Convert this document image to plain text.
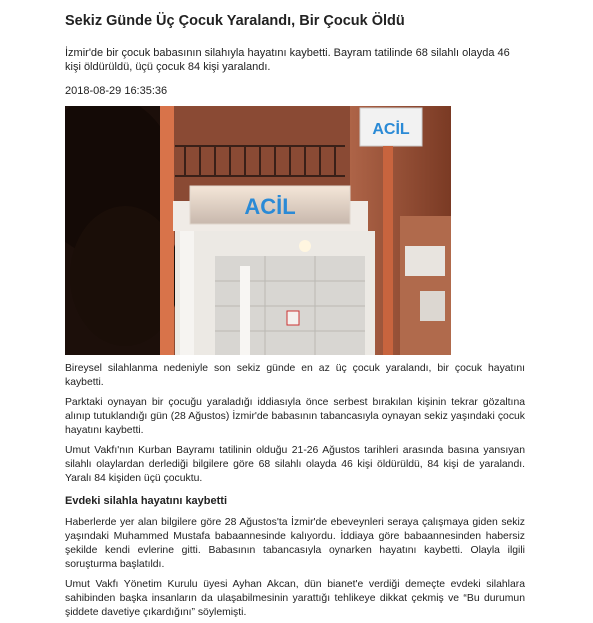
Sekiz Günde Üç Çocuk Yaralandı, Bir Çocuk Öldü

İzmir'de bir çocuk babasının silahıyla hayatını kaybetti. Bayram tatilinde 68 silahlı olayda 46 kişi öldürüldü, üçü çocuk 84 kişi yaralandı.

2018-08-29 16:35:36

ACİL
ACİL

Bireysel silahlanma nedeniyle son sekiz günde en az üç çocuk yaralandı, bir çocuk hayatını kaybetti.

Parktaki oynayan bir çocuğu yaraladığı iddiasıyla önce serbest bırakılan kişinin tekrar gözaltına alınıp tutuklandığı gün (28 Ağustos) İzmir'de babasının tabancasıyla oynayan sekiz yaşındaki çocuk hayatını kaybetti.

Umut Vakfı'nın Kurban Bayramı tatilinin olduğu 21-26 Ağustos tarihleri arasında basına yansıyan silahlı olaylardan derlediği bilgilere göre 68 silahlı olayda 46 kişi öldürüldü, 84 kişi de yaralandı. Yaralı 84 kişiden üçü çocuktu.

Evdeki silahla hayatını kaybetti

Haberlerde yer alan bilgilere göre 28 Ağustos'ta İzmir'de ebeveynleri seraya çalışmaya giden sekiz yaşındaki Muhammed Mustafa babaannesinde kalıyordu. İddiaya göre babaannesinden habersiz şekilde kendi evlerine gitti. Babasının tabancasıyla oynarken hayatını kaybetti. Olayla ilgili soruşturma başlatıldı.

Umut Vakfı Yönetim Kurulu üyesi Ayhan Akcan, dün bianet'e verdiği demeçte evdeki silahlara sahibinden başka insanların da ulaşabilmesinin yarattığı tehlikeye dikkat çekmiş ve “Bu durumun şiddete davetiye çıkardığını” söylemişti.
